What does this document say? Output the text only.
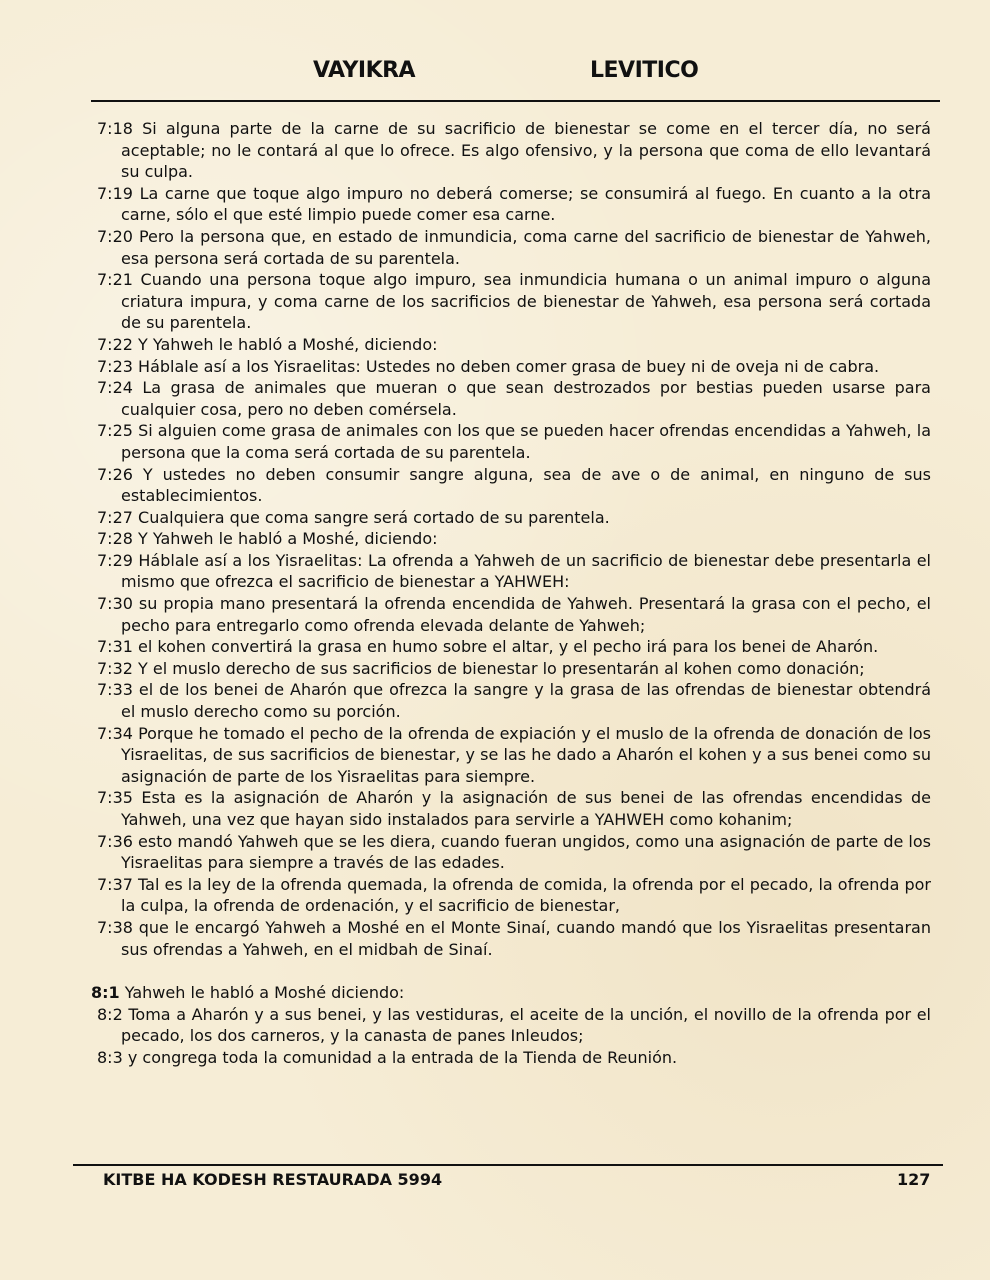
VAYIKRA	LEVITICO

7:18 Si alguna parte de la carne de su sacrificio de bienestar se come en el tercer día, no será aceptable; no le contará al que lo ofrece. Es algo ofensivo, y la persona que coma de ello levantará su culpa.

7:19 La carne que toque algo impuro no deberá comerse; se consumirá al fuego. En cuanto a la otra carne, sólo el que esté limpio puede comer esa carne.

7:20 Pero la persona que, en estado de inmundicia, coma carne del sacrificio de bienestar de Yahweh, esa persona será cortada de su parentela.

7:21 Cuando una persona toque algo impuro, sea inmundicia humana o un animal impuro o alguna criatura impura, y coma carne de los sacrificios de bienestar de Yahweh, esa persona será cortada de su parentela.

7:22 Y Yahweh le habló a Moshé, diciendo:

7:23 Háblale así a los Yisraelitas: Ustedes no deben comer grasa de buey ni de oveja ni de cabra.

7:24 La grasa de animales que mueran o que sean destrozados por bestias pueden usarse para cualquier cosa, pero no deben comérsela.

7:25 Si alguien come grasa de animales con los que se pueden hacer ofrendas encendidas a Yahweh, la persona que la coma será cortada de su parentela.

7:26 Y ustedes no deben consumir sangre alguna, sea de ave o de animal, en ninguno de sus establecimientos.

7:27 Cualquiera que coma sangre será cortado de su parentela.

7:28 Y Yahweh le habló a Moshé, diciendo:

7:29 Háblale así a los Yisraelitas: La ofrenda a Yahweh de un sacrificio de bienestar debe presentarla el mismo que ofrezca el sacrificio de bienestar a YAHWEH:

7:30 su propia mano presentará la ofrenda encendida de Yahweh. Presentará la grasa con el pecho, el pecho para entregarlo como ofrenda elevada delante de Yahweh;

7:31 el kohen convertirá la grasa en humo sobre el altar, y el pecho irá para los benei de Aharón.

7:32 Y el muslo derecho de sus sacrificios de bienestar lo presentarán al kohen como donación;

7:33 el de los benei de Aharón que ofrezca la sangre y la grasa de las ofrendas de bienestar obtendrá el muslo derecho como su porción.

7:34 Porque he tomado el pecho de la ofrenda de expiación y el muslo de la ofrenda de donación de los Yisraelitas, de sus sacrificios de bienestar, y se las he dado a Aharón el kohen y a sus benei como su asignación de parte de los Yisraelitas para siempre.

7:35 Esta es la asignación de Aharón y la asignación de sus benei de las ofrendas encendidas de Yahweh, una vez que hayan sido instalados para servirle a YAHWEH como kohanim;

7:36 esto mandó Yahweh que se les diera, cuando fueran ungidos, como una asignación de parte de los Yisraelitas para siempre a través de las edades.

7:37 Tal es la ley de la ofrenda quemada, la ofrenda de comida, la ofrenda por el pecado, la ofrenda por la culpa, la ofrenda de ordenación, y el sacrificio de bienestar,

7:38 que le encargó Yahweh a Moshé en el Monte Sinaí, cuando mandó que los Yisraelitas presentaran sus ofrendas a Yahweh, en el midbah de Sinaí.

8:1 Yahweh le habló a Moshé diciendo:

8:2 Toma a Aharón y a sus benei, y las vestiduras, el aceite de la unción, el novillo de la ofrenda por el pecado, los dos carneros, y la canasta de panes Inleudos;

8:3 y congrega toda la comunidad a la entrada de la Tienda de Reunión.

KITBE HA KODESH RESTAURADA 5994	127
